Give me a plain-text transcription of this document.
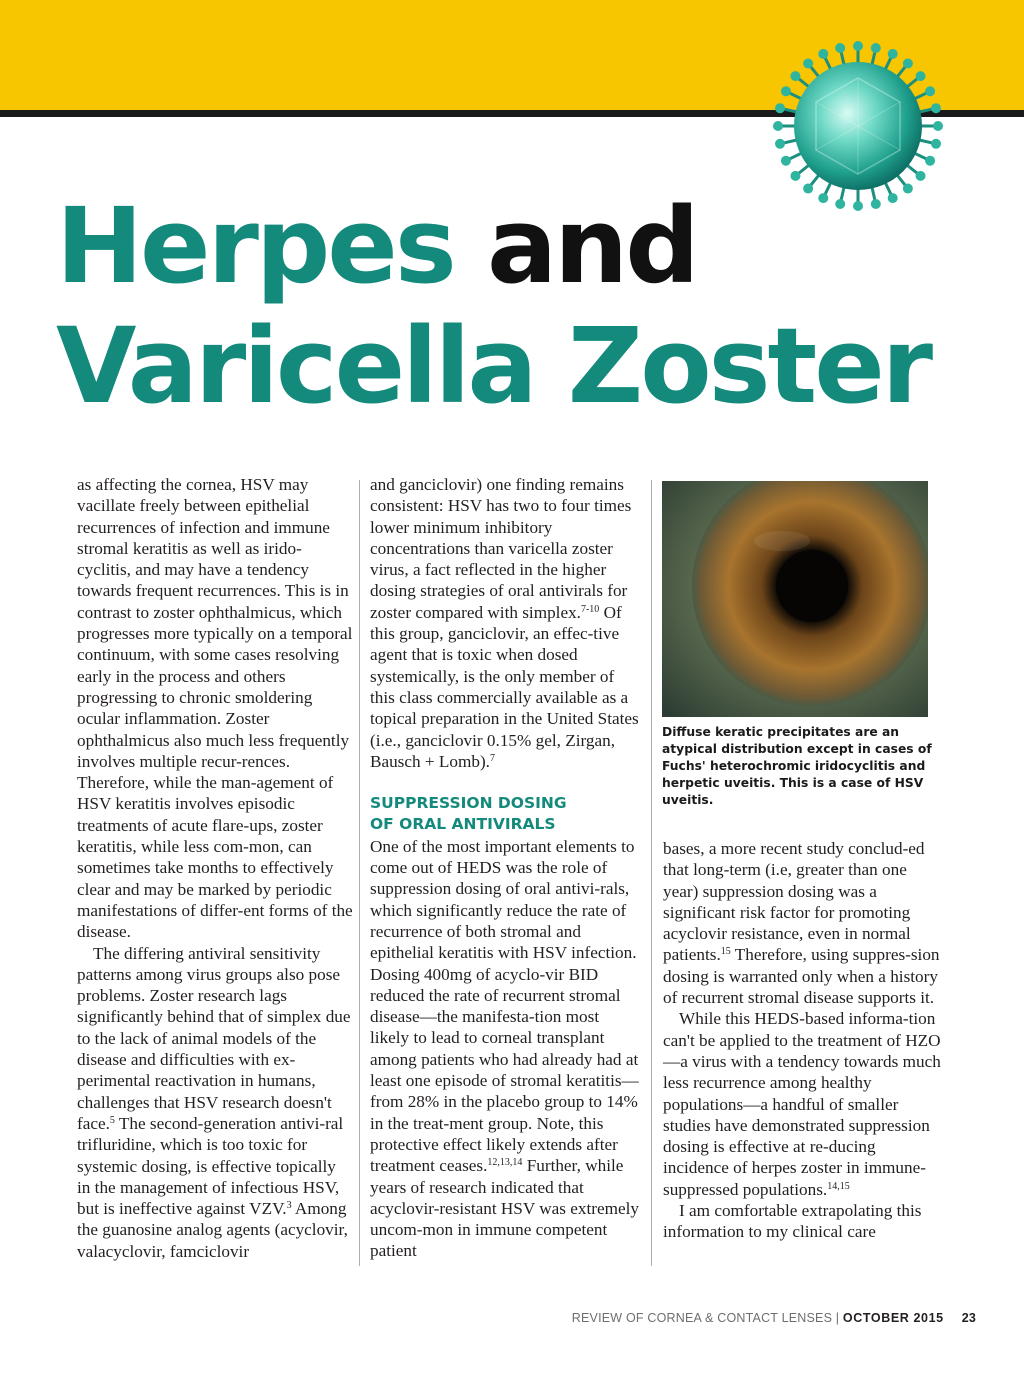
Herpes and
Varicella Zoster

as affecting the cornea, HSV may vacillate freely between epithelial recurrences of infection and immune stromal keratitis as well as irido-cyclitis, and may have a tendency towards frequent recurrences. This is in contrast to zoster ophthalmicus, which progresses more typically on a temporal continuum, with some cases resolving early in the process and others progressing to chronic smoldering ocular inflammation. Zoster ophthalmicus also much less frequently involves multiple recur-rences. Therefore, while the man-agement of HSV keratitis involves episodic treatments of acute flare-ups, zoster keratitis, while less com-mon, can sometimes take months to effectively clear and may be marked by periodic manifestations of differ-ent forms of the disease.

The differing antiviral sensitivity patterns among virus groups also pose problems. Zoster research lags significantly behind that of simplex due to the lack of animal models of the disease and difficulties with ex-perimental reactivation in humans, challenges that HSV research doesn't face.$^5$ The second-generation antivi-ral trifluridine, which is too toxic for systemic dosing, is effective topically in the management of infectious HSV, but is ineffective against VZV.$^3$ Among the guanosine analog agents (acyclovir, valacyclovir, famciclovir

and ganciclovir) one finding remains consistent: HSV has two to four times lower minimum inhibitory concentrations than varicella zoster virus, a fact reflected in the higher dosing strategies of oral antivirals for zoster compared with simplex.$^{7-10}$ Of this group, ganciclovir, an effec-tive agent that is toxic when dosed systemically, is the only member of this class commercially available as a topical preparation in the United States (i.e., ganciclovir 0.15% gel, Zirgan, Bausch + Lomb).$^7$

SUPPRESSION DOSING
OF ORAL ANTIVIRALS

One of the most important elements to come out of HEDS was the role of suppression dosing of oral antivi-rals, which significantly reduce the rate of recurrence of both stromal and epithelial keratitis with HSV infection. Dosing 400mg of acyclo-vir BID reduced the rate of recurrent stromal disease—the manifesta-tion most likely to lead to corneal transplant among patients who had already had at least one episode of stromal keratitis—from 28% in the placebo group to 14% in the treat-ment group. Note, this protective effect likely extends after treatment ceases.$^{12,13,14}$ Further, while years of research indicated that acyclovir-resistant HSV was extremely uncom-mon in immune competent patient

Diffuse keratic precipitates are an atypical distribution except in cases of Fuchs' heterochromic iridocyclitis and herpetic uveitis. This is a case of HSV uveitis.

bases, a more recent study conclud-ed that long-term (i.e, greater than one year) suppression dosing was a significant risk factor for promoting acyclovir resistance, even in normal patients.$^{15}$ Therefore, using suppres-sion dosing is warranted only when a history of recurrent stromal disease supports it.

While this HEDS-based informa-tion can't be applied to the treatment of HZO—a virus with a tendency towards much less recurrence among healthy populations—a handful of smaller studies have demonstrated suppression dosing is effective at re-ducing incidence of herpes zoster in immune-suppressed populations.$^{14,15}$

I am comfortable extrapolating this information to my clinical care

REVIEW OF CORNEA & CONTACT LENSES | OCTOBER 2015 23
